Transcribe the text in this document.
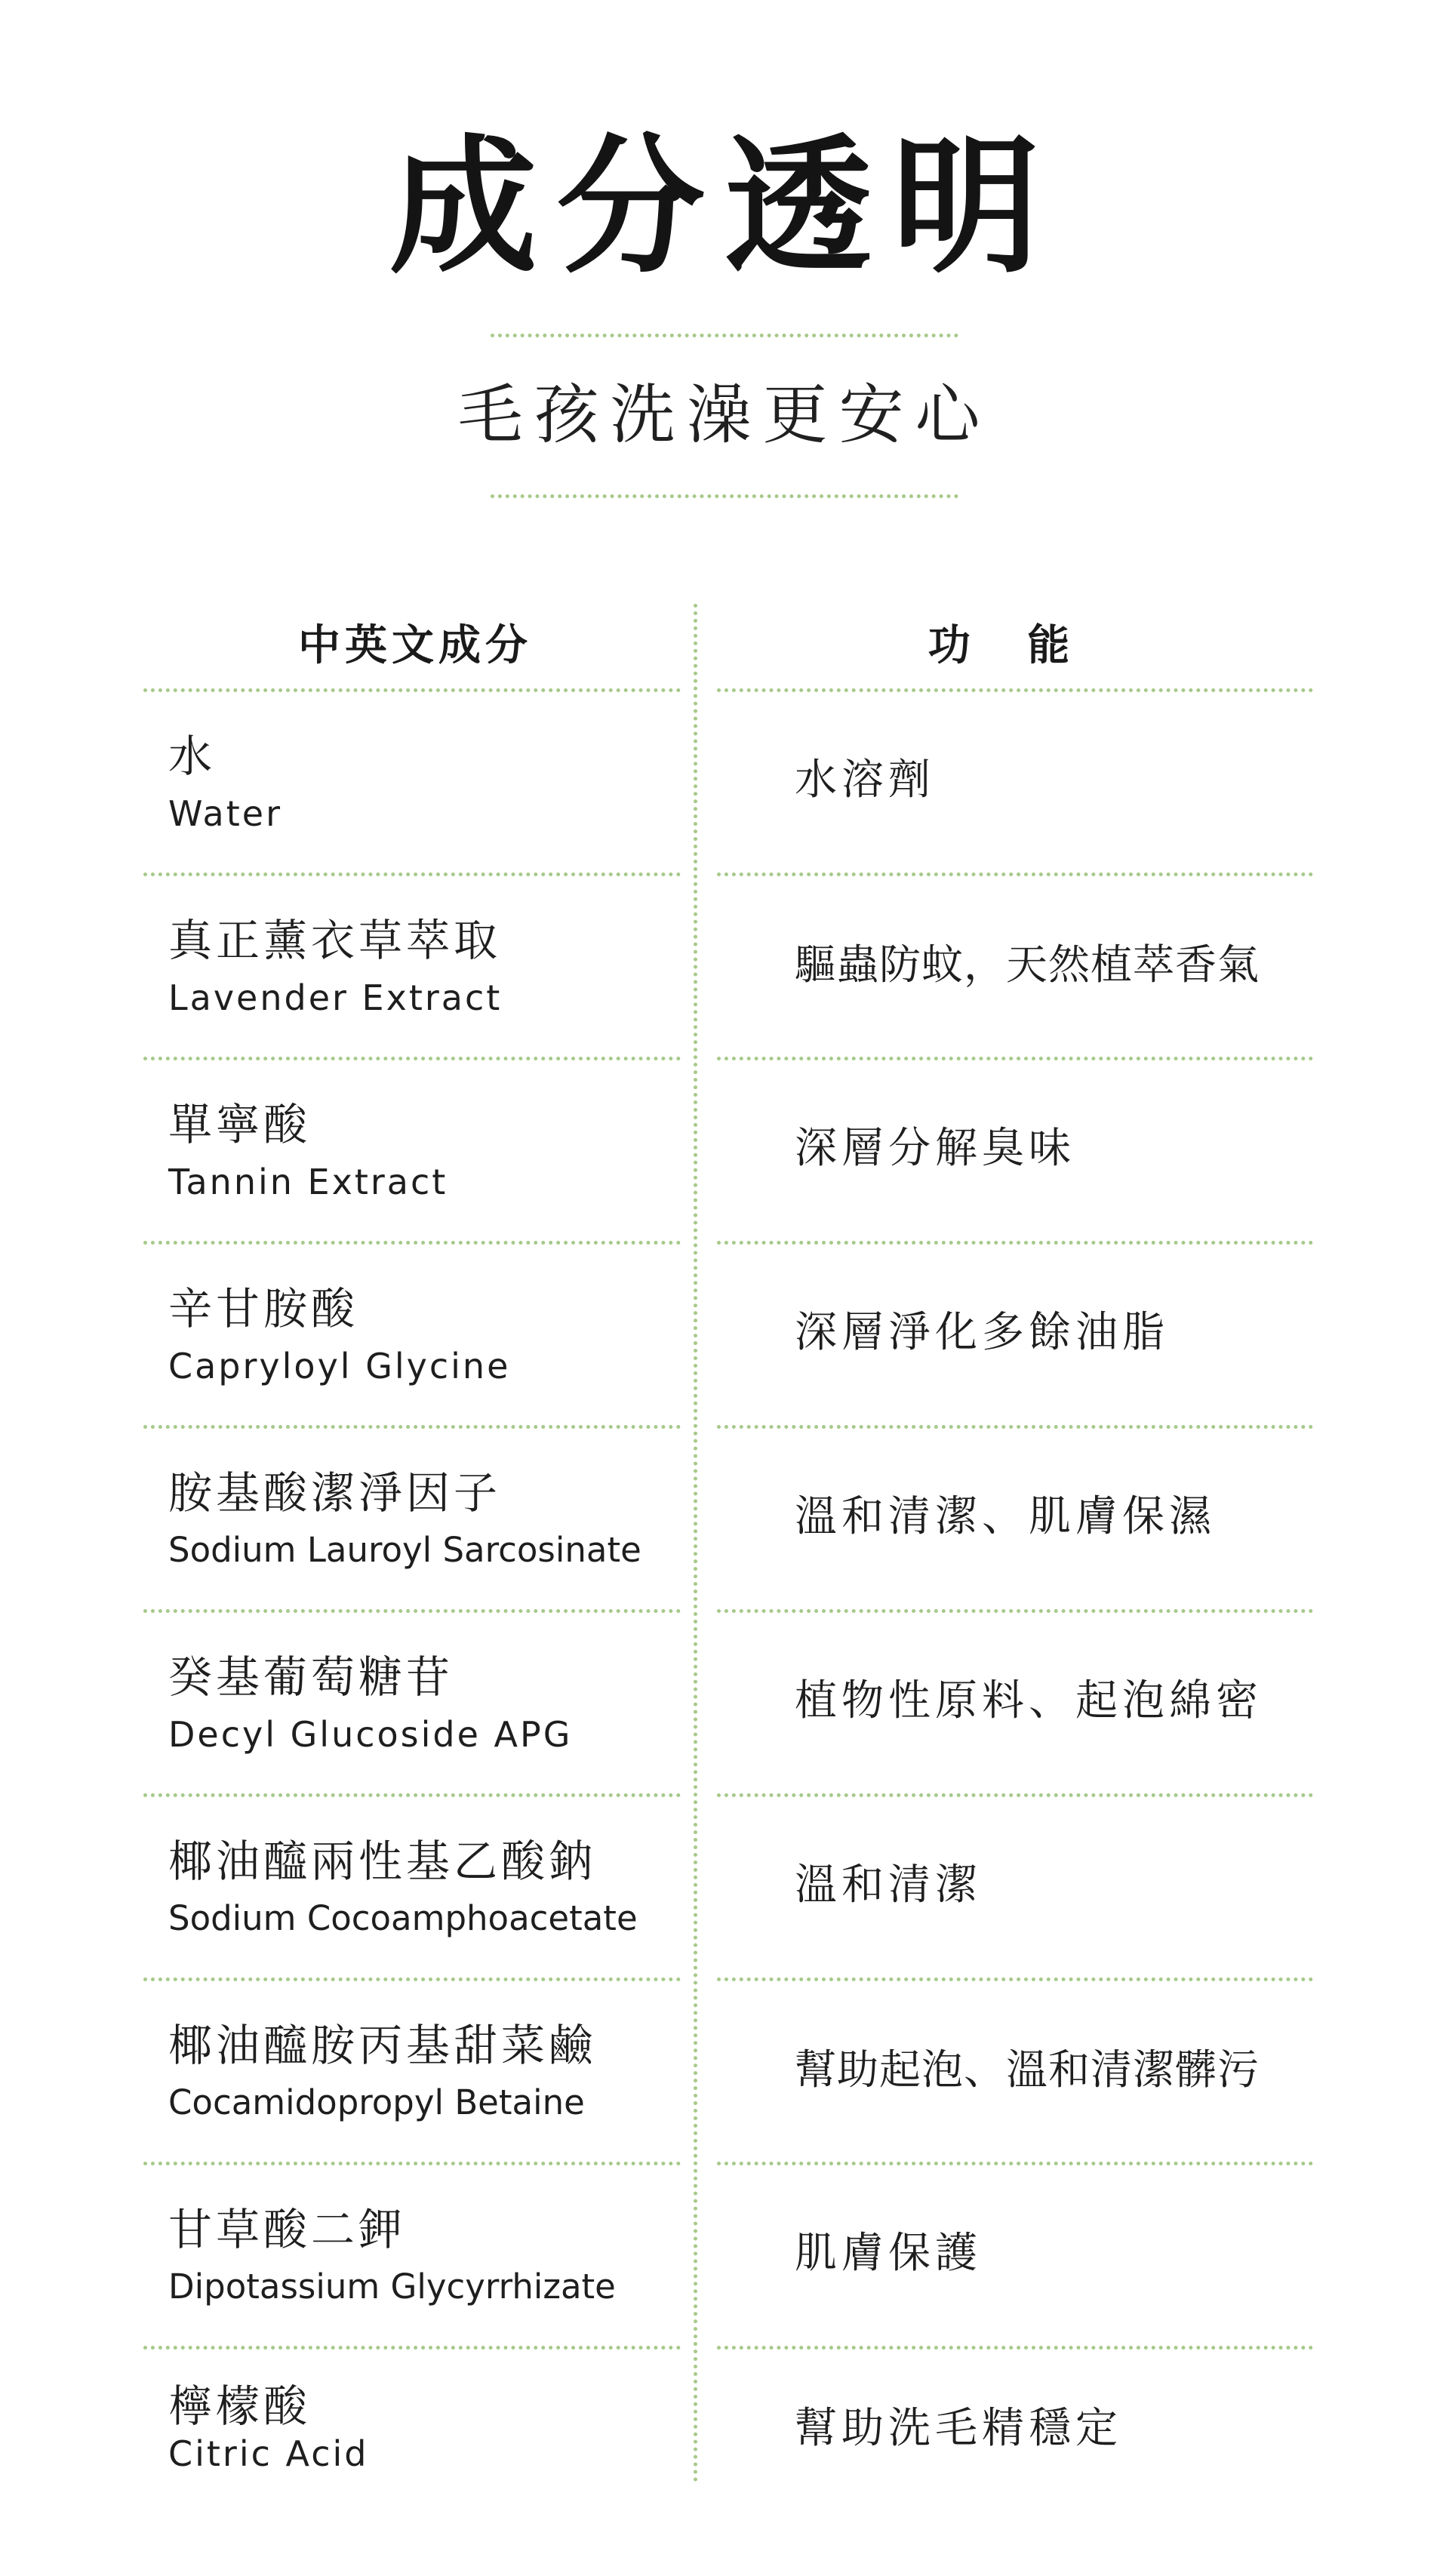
成分透明
毛孩洗澡更安心
中英文成分	功 能
水
Water
水溶劑
真正薰衣草萃取
Lavender Extract
驅蟲防蚊，天然植萃香氣
單寧酸
Tannin Extract
深層分解臭味
辛甘胺酸
Capryloyl Glycine
深層淨化多餘油脂
胺基酸潔淨因子
Sodium Lauroyl Sarcosinate
溫和清潔、肌膚保濕
癸基葡萄糖苷
Decyl Glucoside APG
植物性原料、起泡綿密
椰油醯兩性基乙酸鈉
Sodium Cocoamphoacetate
溫和清潔
椰油醯胺丙基甜菜鹼
Cocamidopropyl Betaine
幫助起泡、溫和清潔髒污
甘草酸二鉀
Dipotassium Glycyrrhizate
肌膚保護
檸檬酸
Citric Acid
幫助洗毛精穩定
